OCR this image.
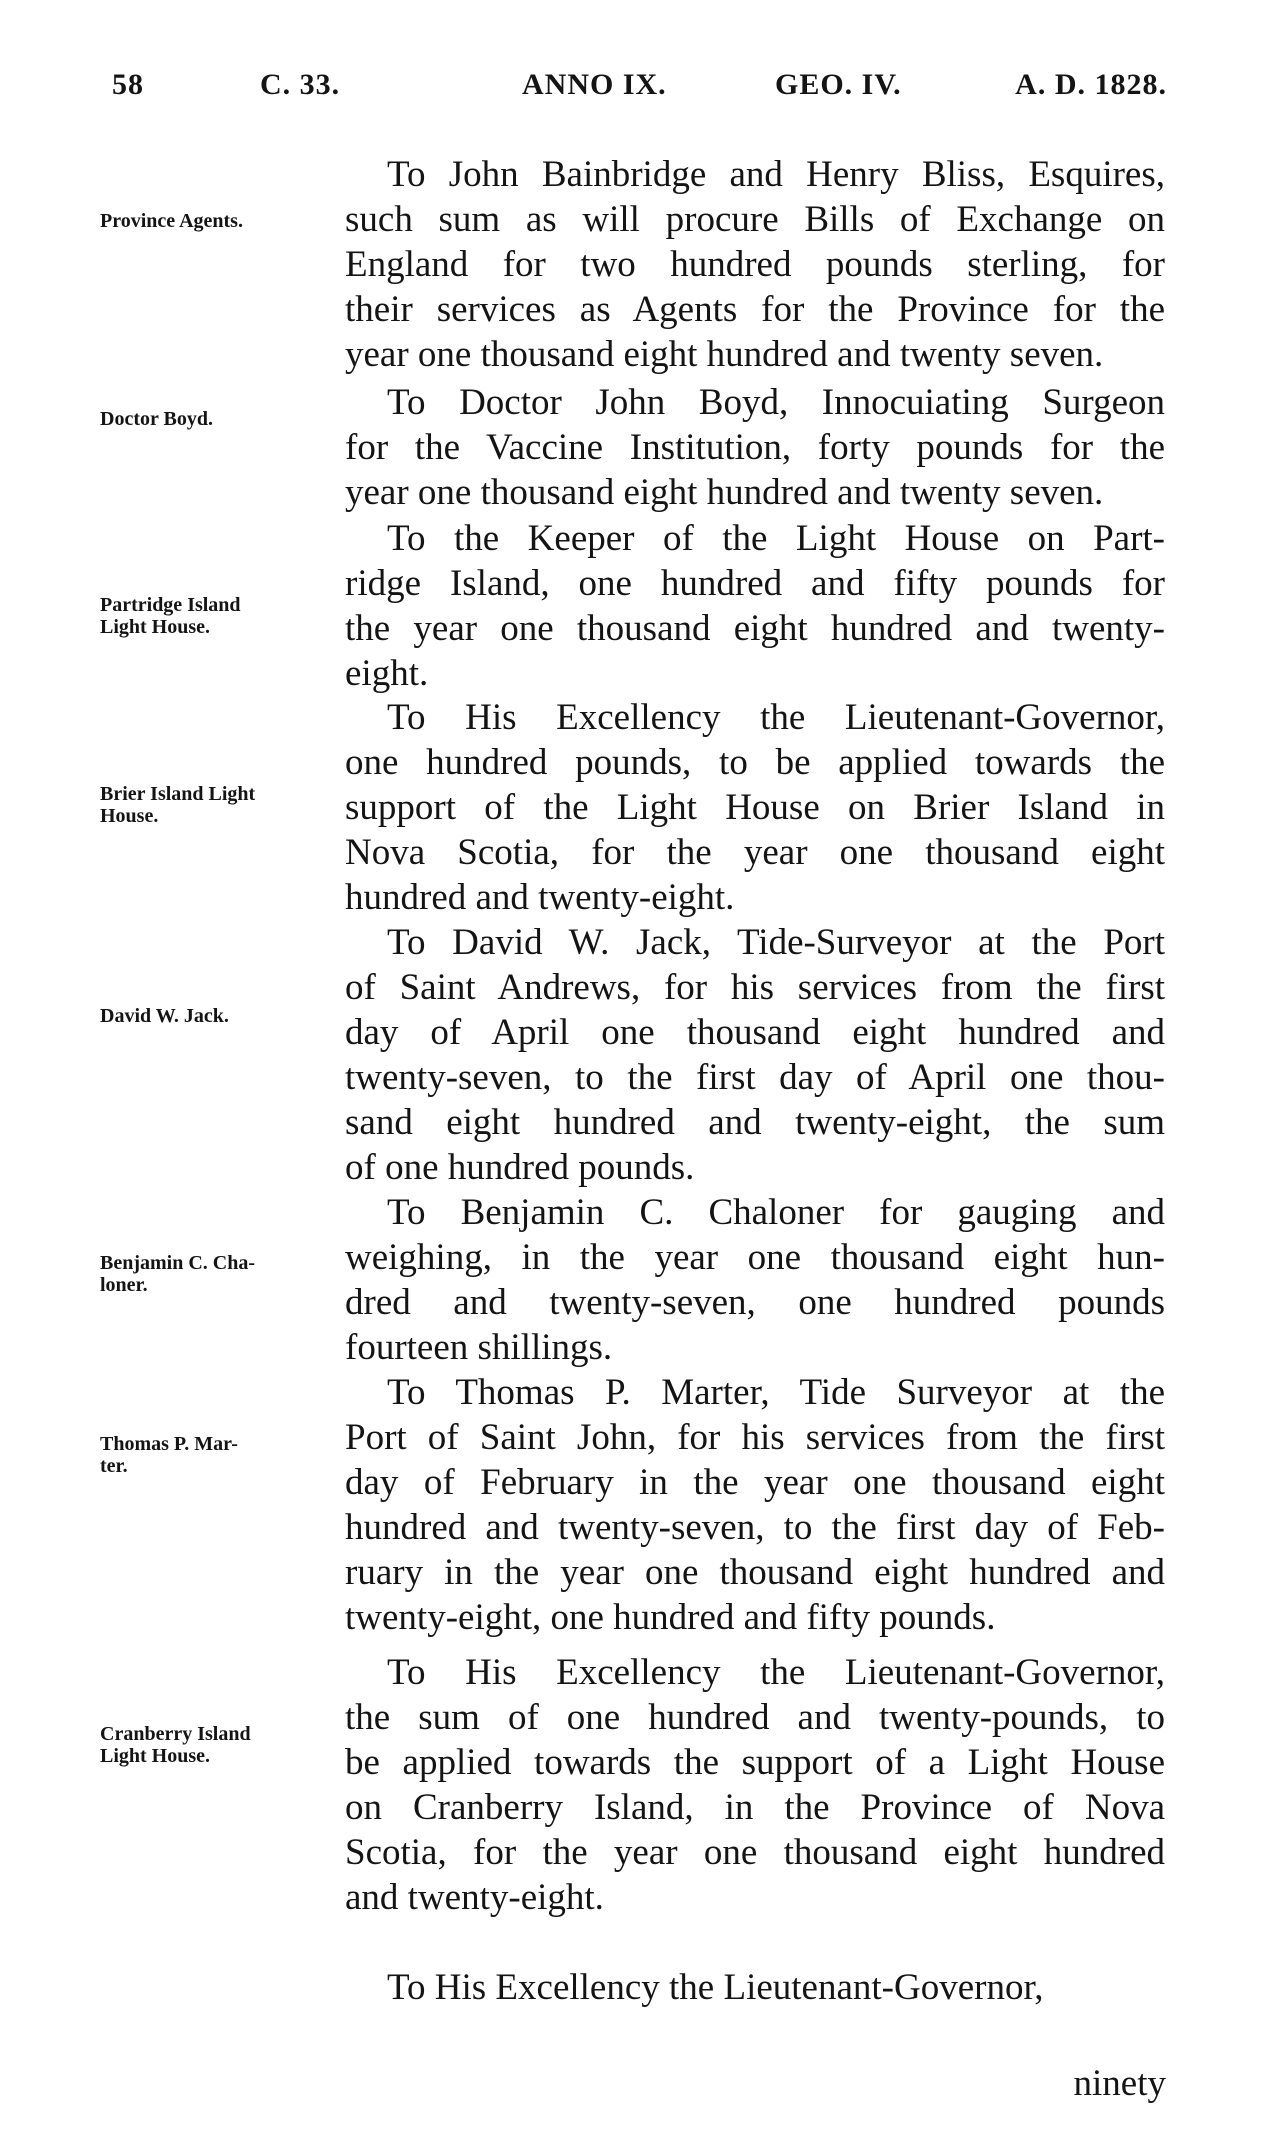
58	C. 33.	ANNO IX.	GEO. IV.	A. D. 1828.
Province Agents.
To John Bainbridge and Henry Bliss, Esquires,
such sum as will procure Bills of Exchange on
England for two hundred pounds sterling, for
their services as Agents for the Province for the
year one thousand eight hundred and twenty seven.
Doctor Boyd.	To Doctor John Boyd, Innocuiating Surgeon
for the Vaccine Institution, forty pounds for the
year one thousand eight hundred and twenty seven.
Partridge Island
Light House.
To the Keeper of the Light House on Part-
ridge Island, one hundred and fifty pounds for
the year one thousand eight hundred and twenty-
eight.
Brier Island Light
House.
To His Excellency the Lieutenant-Governor,
one hundred pounds, to be applied towards the
support of the Light House on Brier Island in
Nova Scotia, for the year one thousand eight
hundred and twenty-eight.
David W. Jack.
To David W. Jack, Tide-Surveyor at the Port
of Saint Andrews, for his services from the first
day of April one thousand eight hundred and
twenty-seven, to the first day of April one thou-
sand eight hundred and twenty-eight, the sum
of one hundred pounds.
Benjamin C. Cha-
loner.
To Benjamin C. Chaloner for gauging and
weighing, in the year one thousand eight hun-
dred and twenty-seven, one hundred pounds
fourteen shillings.
Thomas P. Mar-
ter.
To Thomas P. Marter, Tide Surveyor at the
Port of Saint John, for his services from the first
day of February in the year one thousand eight
hundred and twenty-seven, to the first day of Feb-
ruary in the year one thousand eight hundred and
twenty-eight, one hundred and fifty pounds.
Cranberry Island
Light House.
To His Excellency the Lieutenant-Governor,
the sum of one hundred and twenty-pounds, to
be applied towards the support of a Light House
on Cranberry Island, in the Province of Nova
Scotia, for the year one thousand eight hundred
and twenty-eight.
To His Excellency the Lieutenant-Governor,
ninety
